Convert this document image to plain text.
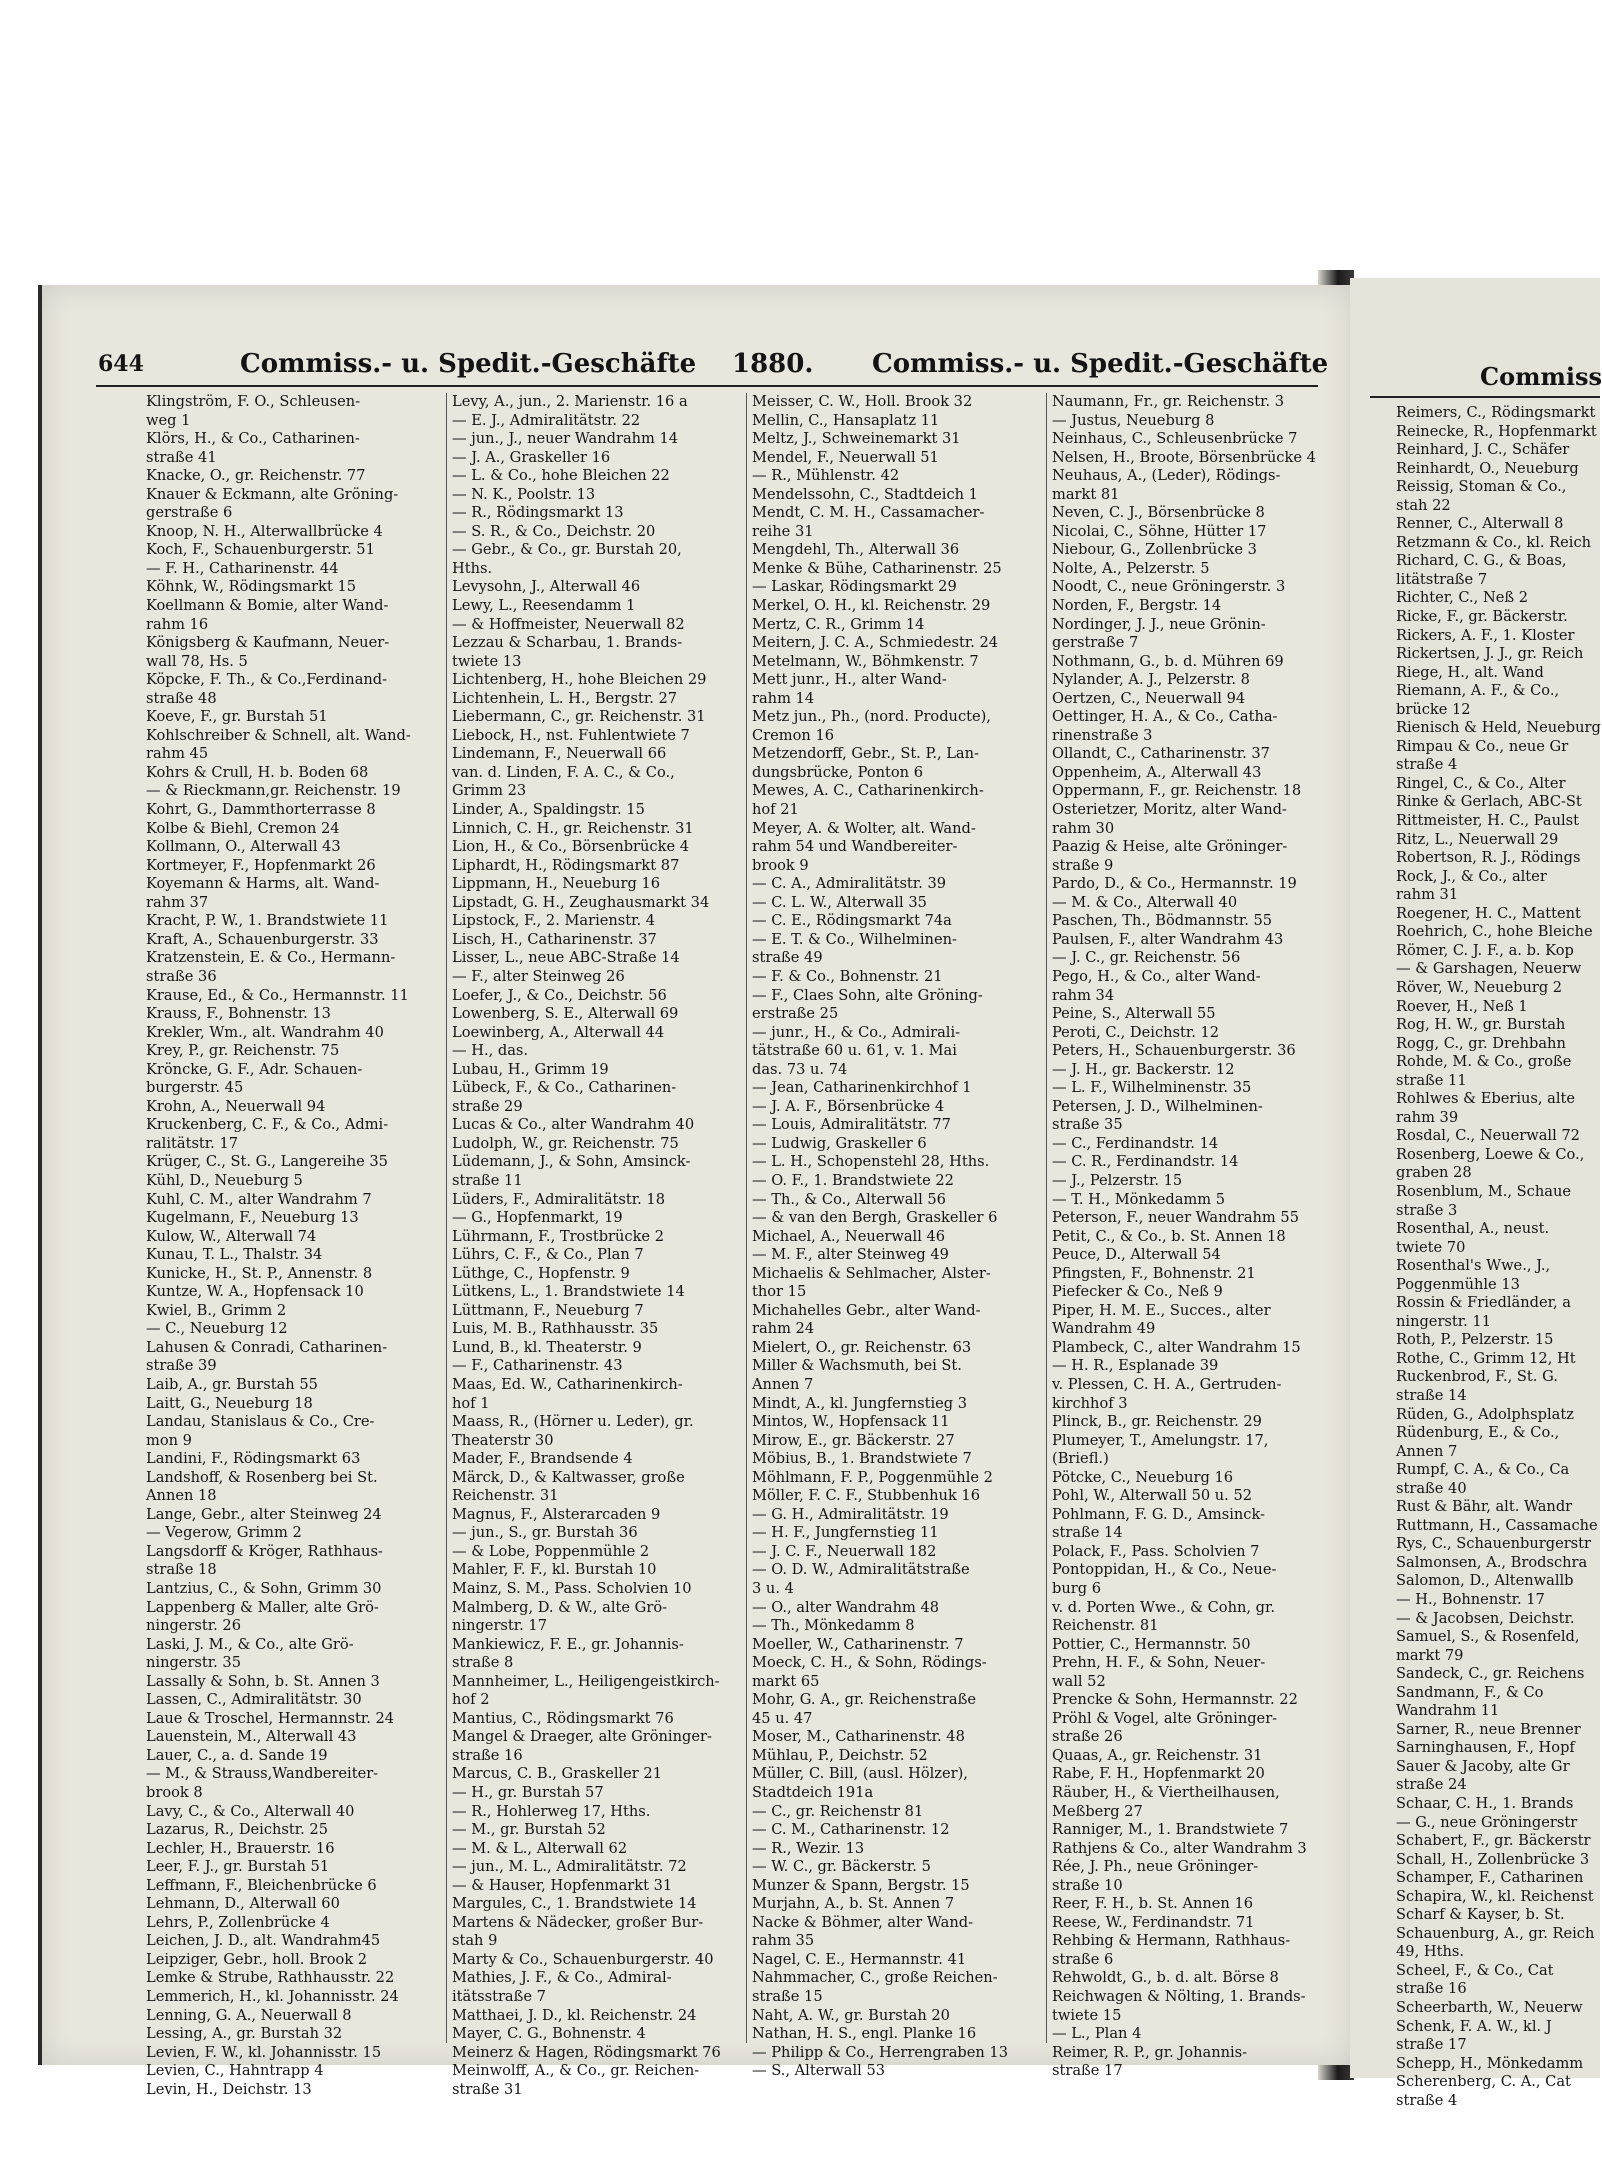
644	Commiss.- u. Spedit.-Geschäfte 1880. Commiss.- u. Spedit.-Geschäfte
Klingström, F. O., Schleusen-
weg 1
Klörs, H., & Co., Catharinen-
straße 41
Knacke, O., gr. Reichenstr. 77
Knauer & Eckmann, alte Gröning-
gerstraße 6
Knoop, N. H., Alterwallbrücke 4
Koch, F., Schauenburgerstr. 51
— F. H., Catharinenstr. 44
Köhnk, W., Rödingsmarkt 15
Koellmann & Bomie, alter Wand-
rahm 16
Königsberg & Kaufmann, Neuer-
wall 78, Hs. 5
Köpcke, F. Th., & Co.,Ferdinand-
straße 48
Koeve, F., gr. Burstah 51
Kohlschreiber & Schnell, alt. Wand-
rahm 45
Kohrs & Crull, H. b. Boden 68
— & Rieckmann,gr. Reichenstr. 19
Kohrt, G., Dammthorterrasse 8
Kolbe & Biehl, Cremon 24
Kollmann, O., Alterwall 43
Kortmeyer, F., Hopfenmarkt 26
Koyemann & Harms, alt. Wand-
rahm 37
Kracht, P. W., 1. Brandstwiete 11
Kraft, A., Schauenburgerstr. 33
Kratzenstein, E. & Co., Hermann-
straße 36
Krause, Ed., & Co., Hermannstr. 11
Krauss, F., Bohnenstr. 13
Krekler, Wm., alt. Wandrahm 40
Krey, P., gr. Reichenstr. 75
Kröncke, G. F., Adr. Schauen-
burgerstr. 45
Krohn, A., Neuerwall 94
Kruckenberg, C. F., & Co., Admi-
ralitätstr. 17
Krüger, C., St. G., Langereihe 35
Kühl, D., Neueburg 5
Kuhl, C. M., alter Wandrahm 7
Kugelmann, F., Neueburg 13
Kulow, W., Alterwall 74
Kunau, T. L., Thalstr. 34
Kunicke, H., St. P., Annenstr. 8
Kuntze, W. A., Hopfensack 10
Kwiel, B., Grimm 2
— C., Neueburg 12
Lahusen & Conradi, Catharinen-
straße 39
Laib, A., gr. Burstah 55
Laitt, G., Neueburg 18
Landau, Stanislaus & Co., Cre-
mon 9
Landini, F., Rödingsmarkt 63
Landshoff, & Rosenberg bei St.
Annen 18
Lange, Gebr., alter Steinweg 24
— Vegerow, Grimm 2
Langsdorff & Kröger, Rathhaus-
straße 18
Lantzius, C., & Sohn, Grimm 30
Lappenberg & Maller, alte Grö-
ningerstr. 26
Laski, J. M., & Co., alte Grö-
ningerstr. 35
Lassally & Sohn, b. St. Annen 3
Lassen, C., Admiralitätstr. 30
Laue & Troschel, Hermannstr. 24
Lauenstein, M., Alterwall 43
Lauer, C., a. d. Sande 19
— M., & Strauss,Wandbereiter-
brook 8
Lavy, C., & Co., Alterwall 40
Lazarus, R., Deichstr. 25
Lechler, H., Brauerstr. 16
Leer, F. J., gr. Burstah 51
Leffmann, F., Bleichenbrücke 6
Lehmann, D., Alterwall 60
Lehrs, P., Zollenbrücke 4
Leichen, J. D., alt. Wandrahm45
Leipziger, Gebr., holl. Brook 2
Lemke & Strube, Rathhausstr. 22
Lemmerich, H., kl. Johannisstr. 24
Lenning, G. A., Neuerwall 8
Lessing, A., gr. Burstah 32
Levien, F. W., kl. Johannisstr. 15
Levien, C., Hahntrapp 4
Levin, H., Deichstr. 13
Levy, A., jun., 2. Marienstr. 16 a
— E. J., Admiralitätstr. 22
— jun., J., neuer Wandrahm 14
— J. A., Graskeller 16
— L. & Co., hohe Bleichen 22
— N. K., Poolstr. 13
— R., Rödingsmarkt 13
— S. R., & Co., Deichstr. 20
— Gebr., & Co., gr. Burstah 20,
Hths.
Levysohn, J., Alterwall 46
Lewy, L., Reesendamm 1
— & Hoffmeister, Neuerwall 82
Lezzau & Scharbau, 1. Brands-
twiete 13
Lichtenberg, H., hohe Bleichen 29
Lichtenhein, L. H., Bergstr. 27
Liebermann, C., gr. Reichenstr. 31
Liebock, H., nst. Fuhlentwiete 7
Lindemann, F., Neuerwall 66
van. d. Linden, F. A. C., & Co.,
Grimm 23
Linder, A., Spaldingstr. 15
Linnich, C. H., gr. Reichenstr. 31
Lion, H., & Co., Börsenbrücke 4
Liphardt, H., Rödingsmarkt 87
Lippmann, H., Neueburg 16
Lipstadt, G. H., Zeughausmarkt 34
Lipstock, F., 2. Marienstr. 4
Lisch, H., Catharinenstr. 37
Lisser, L., neue ABC-Straße 14
— F., alter Steinweg 26
Loefer, J., & Co., Deichstr. 56
Lowenberg, S. E., Alterwall 69
Loewinberg, A., Alterwall 44
— H., das.
Lubau, H., Grimm 19
Lübeck, F., & Co., Catharinen-
straße 29
Lucas & Co., alter Wandrahm 40
Ludolph, W., gr. Reichenstr. 75
Lüdemann, J., & Sohn, Amsinck-
straße 11
Lüders, F., Admiralitätstr. 18
— G., Hopfenmarkt, 19
Lührmann, F., Trostbrücke 2
Lührs, C. F., & Co., Plan 7
Lüthge, C., Hopfenstr. 9
Lütkens, L., 1. Brandstwiete 14
Lüttmann, F., Neueburg 7
Luis, M. B., Rathhausstr. 35
Lund, B., kl. Theaterstr. 9
— F., Catharinenstr. 43
Maas, Ed. W., Catharinenkirch-
hof 1
Maass, R., (Hörner u. Leder), gr.
Theaterstr 30
Mader, F., Brandsende 4
Märck, D., & Kaltwasser, große
Reichenstr. 31
Magnus, F., Alsterarcaden 9
— jun., S., gr. Burstah 36
— & Lobe, Poppenmühle 2
Mahler, F. F., kl. Burstah 10
Mainz, S. M., Pass. Scholvien 10
Malmberg, D. & W., alte Grö-
ningerstr. 17
Mankiewicz, F. E., gr. Johannis-
straße 8
Mannheimer, L., Heiligengeistkirch-
hof 2
Mantius, C., Rödingsmarkt 76
Mangel & Draeger, alte Gröninger-
straße 16
Marcus, C. B., Graskeller 21
— H., gr. Burstah 57
— R., Hohlerweg 17, Hths.
— M., gr. Burstah 52
— M. & L., Alterwall 62
— jun., M. L., Admiralitätstr. 72
— & Hauser, Hopfenmarkt 31
Margules, C., 1. Brandstwiete 14
Martens & Nädecker, großer Bur-
stah 9
Marty & Co., Schauenburgerstr. 40
Mathies, J. F., & Co., Admiral-
itätsstraße 7
Matthaei, J. D., kl. Reichenstr. 24
Mayer, C. G., Bohnenstr. 4
Meinerz & Hagen, Rödingsmarkt 76
Meinwolff, A., & Co., gr. Reichen-
straße 31
Meisser, C. W., Holl. Brook 32
Mellin, C., Hansaplatz 11
Meltz, J., Schweinemarkt 31
Mendel, F., Neuerwall 51
— R., Mühlenstr. 42
Mendelssohn, C., Stadtdeich 1
Mendt, C. M. H., Cassamacher-
reihe 31
Mengdehl, Th., Alterwall 36
Menke & Bühe, Catharinenstr. 25
— Laskar, Rödingsmarkt 29
Merkel, O. H., kl. Reichenstr. 29
Mertz, C. R., Grimm 14
Meitern, J. C. A., Schmiedestr. 24
Metelmann, W., Böhmkenstr. 7
Mett junr., H., alter Wand-
rahm 14
Metz jun., Ph., (nord. Producte),
Cremon 16
Metzendorff, Gebr., St. P., Lan-
dungsbrücke, Ponton 6
Mewes, A. C., Catharinenkirch-
hof 21
Meyer, A. & Wolter, alt. Wand-
rahm 54 und Wandbereiter-
brook 9
— C. A., Admiralitätstr. 39
— C. L. W., Alterwall 35
— C. E., Rödingsmarkt 74a
— E. T. & Co., Wilhelminen-
straße 49
— F. & Co., Bohnenstr. 21
— F., Claes Sohn, alte Gröning-
erstraße 25
— junr., H., & Co., Admirali-
tätstraße 60 u. 61, v. 1. Mai
das. 73 u. 74
— Jean, Catharinenkirchhof 1
— J. A. F., Börsenbrücke 4
— Louis, Admiralitätstr. 77
— Ludwig, Graskeller 6
— L. H., Schopenstehl 28, Hths.
— O. F., 1. Brandstwiete 22
— Th., & Co., Alterwall 56
— & van den Bergh, Graskeller 6
Michael, A., Neuerwall 46
— M. F., alter Steinweg 49
Michaelis & Sehlmacher, Alster-
thor 15
Michahelles Gebr., alter Wand-
rahm 24
Mielert, O., gr. Reichenstr. 63
Miller & Wachsmuth, bei St.
Annen 7
Mindt, A., kl. Jungfernstieg 3
Mintos, W., Hopfensack 11
Mirow, E., gr. Bäckerstr. 27
Möbius, B., 1. Brandstwiete 7
Möhlmann, F. P., Poggenmühle 2
Möller, F. C. F., Stubbenhuk 16
— G. H., Admiralitätstr. 19
— H. F., Jungfernstieg 11
— J. C. F., Neuerwall 182
— O. D. W., Admiralitätstraße
3 u. 4
— O., alter Wandrahm 48
— Th., Mönkedamm 8
Moeller, W., Catharinenstr. 7
Moeck, C. H., & Sohn, Rödings-
markt 65
Mohr, G. A., gr. Reichenstraße
45 u. 47
Moser, M., Catharinenstr. 48
Mühlau, P., Deichstr. 52
Müller, C. Bill, (ausl. Hölzer),
Stadtdeich 191a
— C., gr. Reichenstr 81
— C. M., Catharinenstr. 12
— R., Wezir. 13
— W. C., gr. Bäckerstr. 5
Munzer & Spann, Bergstr. 15
Murjahn, A., b. St. Annen 7
Nacke & Böhmer, alter Wand-
rahm 35
Nagel, C. E., Hermannstr. 41
Nahmmacher, C., große Reichen-
straße 15
Naht, A. W., gr. Burstah 20
Nathan, H. S., engl. Planke 16
— Philipp & Co., Herrengraben 13
— S., Alterwall 53
Naumann, Fr., gr. Reichenstr. 3
— Justus, Neueburg 8
Neinhaus, C., Schleusenbrücke 7
Nelsen, H., Broote, Börsenbrücke 4
Neuhaus, A., (Leder), Rödings-
markt 81
Neven, C. J., Börsenbrücke 8
Nicolai, C., Söhne, Hütter 17
Niebour, G., Zollenbrücke 3
Nolte, A., Pelzerstr. 5
Noodt, C., neue Gröningerstr. 3
Norden, F., Bergstr. 14
Nordinger, J. J., neue Grönin-
gerstraße 7
Nothmann, G., b. d. Mühren 69
Nylander, A. J., Pelzerstr. 8
Oertzen, C., Neuerwall 94
Oettinger, H. A., & Co., Catha-
rinenstraße 3
Ollandt, C., Catharinenstr. 37
Oppenheim, A., Alterwall 43
Oppermann, F., gr. Reichenstr. 18
Osterietzer, Moritz, alter Wand-
rahm 30
Paazig & Heise, alte Gröninger-
straße 9
Pardo, D., & Co., Hermannstr. 19
— M. & Co., Alterwall 40
Paschen, Th., Bödmannstr. 55
Paulsen, F., alter Wandrahm 43
— J. C., gr. Reichenstr. 56
Pego, H., & Co., alter Wand-
rahm 34
Peine, S., Alterwall 55
Peroti, C., Deichstr. 12
Peters, H., Schauenburgerstr. 36
— J. H., gr. Backerstr. 12
— L. F., Wilhelminenstr. 35
Petersen, J. D., Wilhelminen-
straße 35
— C., Ferdinandstr. 14
— C. R., Ferdinandstr. 14
— J., Pelzerstr. 15
— T. H., Mönkedamm 5
Peterson, F., neuer Wandrahm 55
Petit, C., & Co., b. St. Annen 18
Peuce, D., Alterwall 54
Pfingsten, F., Bohnenstr. 21
Piefecker & Co., Neß 9
Piper, H. M. E., Succes., alter
Wandrahm 49
Plambeck, C., alter Wandrahm 15
— H. R., Esplanade 39
v. Plessen, C. H. A., Gertruden-
kirchhof 3
Plinck, B., gr. Reichenstr. 29
Plumeyer, T., Amelungstr. 17,
(Briefl.)
Pötcke, C., Neueburg 16
Pohl, W., Alterwall 50 u. 52
Pohlmann, F. G. D., Amsinck-
straße 14
Polack, F., Pass. Scholvien 7
Pontoppidan, H., & Co., Neue-
burg 6
v. d. Porten Wwe., & Cohn, gr.
Reichenstr. 81
Pottier, C., Hermannstr. 50
Prehn, H. F., & Sohn, Neuer-
wall 52
Prencke & Sohn, Hermannstr. 22
Pröhl & Vogel, alte Gröninger-
straße 26
Quaas, A., gr. Reichenstr. 31
Rabe, F. H., Hopfenmarkt 20
Räuber, H., & Viertheilhausen,
Meßberg 27
Ranniger, M., 1. Brandstwiete 7
Rathjens & Co., alter Wandrahm 3
Rée, J. Ph., neue Gröninger-
straße 10
Reer, F. H., b. St. Annen 16
Reese, W., Ferdinandstr. 71
Rehbing & Hermann, Rathhaus-
straße 6
Rehwoldt, G., b. d. alt. Börse 8
Reichwagen & Nölting, 1. Brands-
twiete 15
— L., Plan 4
Reimer, R. P., gr. Johannis-
straße 17
Commiss
Reimers, C., Rödingsmarkt
Reinecke, R., Hopfenmarkt
Reinhard, J. C., Schäfer
Reinhardt, O., Neueburg
Reissig, Stoman & Co.,
stah 22
Renner, C., Alterwall 8
Retzmann & Co., kl. Reich
Richard, C. G., & Boas,
litätstraße 7
Richter, C., Neß 2
Ricke, F., gr. Bäckerstr.
Rickers, A. F., 1. Kloster
Rickertsen, J. J., gr. Reich
Riege, H., alt. Wand
Riemann, A. F., & Co.,
brücke 12
Rienisch & Held, Neueburg
Rimpau & Co., neue Gr
straße 4
Ringel, C., & Co., Alter
Rinke & Gerlach, ABC-St
Rittmeister, H. C., Paulst
Ritz, L., Neuerwall 29
Robertson, R. J., Rödings
Rock, J., & Co., alter
rahm 31
Roegener, H. C., Mattent
Roehrich, C., hohe Bleiche
Römer, C. J. F., a. b. Kop
— & Garshagen, Neuerw
Röver, W., Neueburg 2
Roever, H., Neß 1
Rog, H. W., gr. Burstah
Rogg, C., gr. Drehbahn
Rohde, M. & Co., große
straße 11
Rohlwes & Eberius, alte
rahm 39
Rosdal, C., Neuerwall 72
Rosenberg, Loewe & Co.,
graben 28
Rosenblum, M., Schaue
straße 3
Rosenthal, A., neust.
twiete 70
Rosenthal's Wwe., J.,
Poggenmühle 13
Rossin & Friedländer, a
ningerstr. 11
Roth, P., Pelzerstr. 15
Rothe, C., Grimm 12, Ht
Ruckenbrod, F., St. G.
straße 14
Rüden, G., Adolphsplatz
Rüdenburg, E., & Co.,
Annen 7
Rumpf, C. A., & Co., Ca
straße 40
Rust & Bähr, alt. Wandr
Ruttmann, H., Cassamache
Rys, C., Schauenburgerstr
Salmonsen, A., Brodschra
Salomon, D., Altenwallb
— H., Bohnenstr. 17
— & Jacobsen, Deichstr.
Samuel, S., & Rosenfeld,
markt 79
Sandeck, C., gr. Reichens
Sandmann, F., & Co
Wandrahm 11
Sarner, R., neue Brenner
Sarninghausen, F., Hopf
Sauer & Jacoby, alte Gr
straße 24
Schaar, C. H., 1. Brands
— G., neue Gröningerstr
Schabert, F., gr. Bäckerstr
Schall, H., Zollenbrücke 3
Schamper, F., Catharinen
Schapira, W., kl. Reichenst
Scharf & Kayser, b. St.
Schauenburg, A., gr. Reich
49, Hths.
Scheel, F., & Co., Cat
straße 16
Scheerbarth, W., Neuerw
Schenk, F. A. W., kl. J
straße 17
Schepp, H., Mönkedamm
Scherenberg, C. A., Cat
straße 4
